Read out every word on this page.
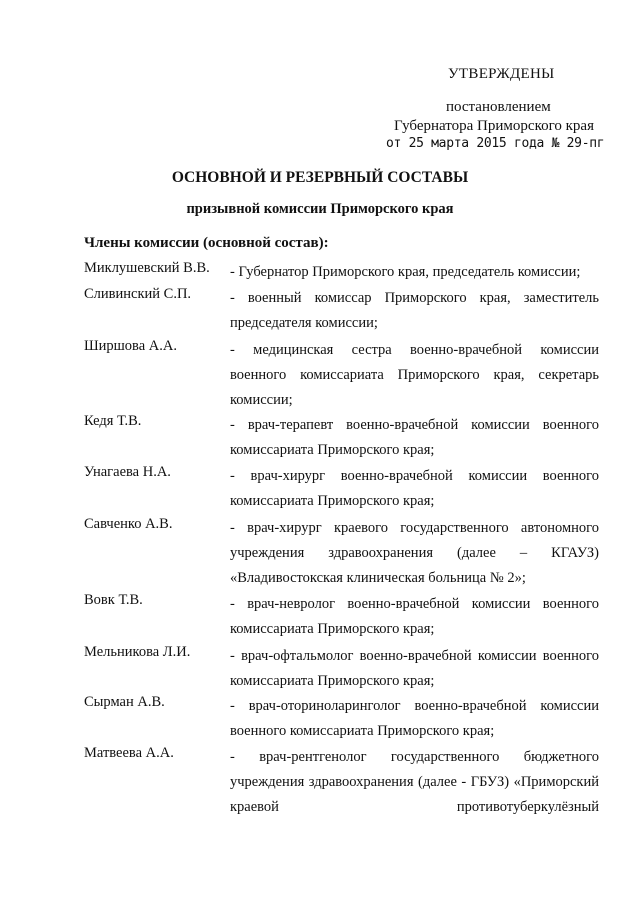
УТВЕРЖДЕНЫ
постановлением
Губернатора Приморского края
от 25 марта 2015 года № 29-пг
ОСНОВНОЙ И РЕЗЕРВНЫЙ СОСТАВЫ
призывной комиссии Приморского края
Члены комиссии (основной состав):
Миклушевский В.В. - Губернатор Приморского края, председатель комиссии;
Сливинский С.П.	- военный комиссар Приморского края, заместитель председателя комиссии;
Ширшова А.А.	- медицинская сестра военно-врачебной комиссии военного комиссариата Приморского края, секретарь комиссии;
Кедя Т.В.	- врач-терапевт военно-врачебной комиссии военного комиссариата Приморского края;
Унагаева Н.А.	- врач-хирург военно-врачебной комиссии военного комиссариата Приморского края;
Савченко А.В.	- врач-хирург краевого государственного автономного учреждения здравоохранения (далее – КГАУЗ) «Владивостокская клиническая больница № 2»;
Вовк Т.В.	- врач-невролог военно-врачебной комиссии военного комиссариата Приморского края;
Мельникова Л.И.	- врач-офтальмолог военно-врачебной комиссии военного комиссариата Приморского края;
Сырман А.В.	- врач-оториноларинголог военно-врачебной комиссии военного комиссариата Приморского края;
Матвеева А.А.	- врач-рентгенолог государственного бюджетного учреждения здравоохранения (далее - ГБУЗ) «Приморский краевой противотуберкулёзный
